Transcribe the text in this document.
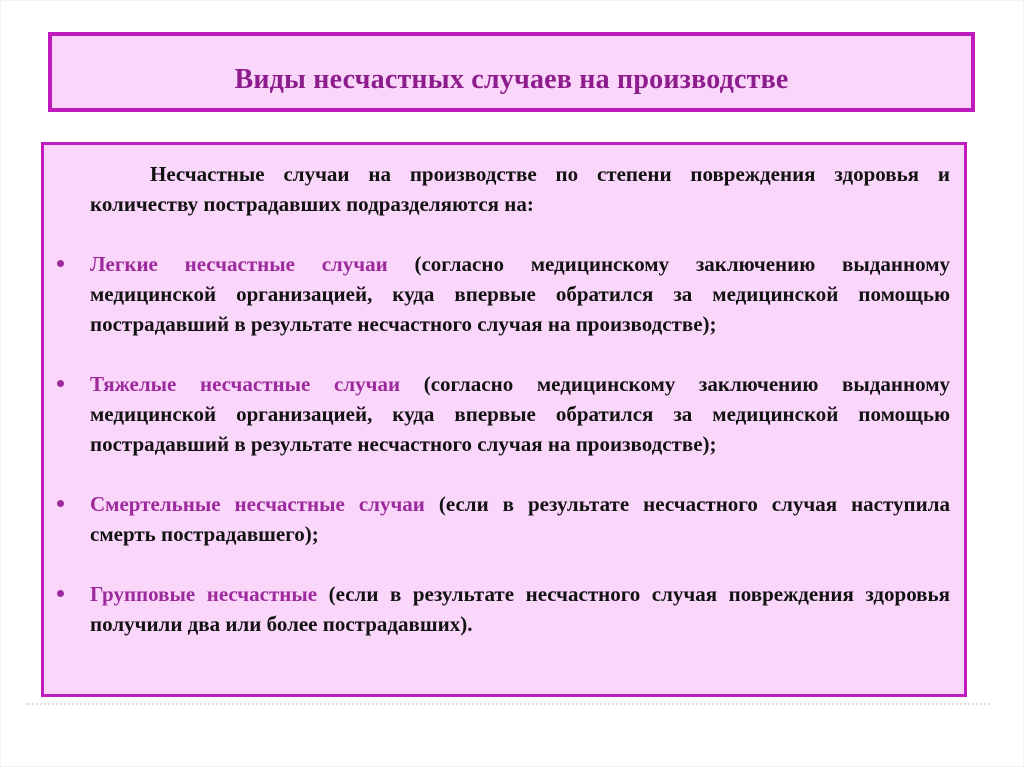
Виды несчастных случаев на производстве

Несчастные случаи на производстве по степени повреждения здоровья и количеству пострадавших подразделяются на:

Легкие несчастные случаи (согласно медицинскому заключению выданному медицинской организацией, куда впервые обратился за медицинской помощью пострадавший в результате несчастного случая на производстве);
Тяжелые несчастные случаи (согласно медицинскому заключению выданному медицинской организацией, куда впервые обратился за медицинской помощью пострадавший в результате несчастного случая на производстве);
Смертельные несчастные случаи (если в результате несчастного случая наступила смерть пострадавшего);
Групповые несчастные (если в результате несчастного случая повреждения здоровья получили два или более пострадавших).
